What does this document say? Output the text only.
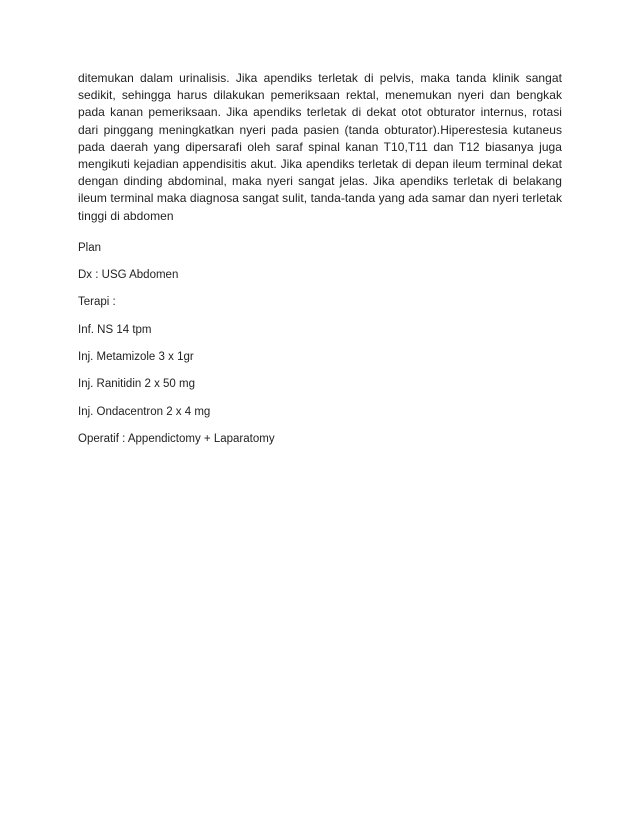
ditemukan dalam urinalisis. Jika apendiks terletak di pelvis, maka tanda klinik sangat sedikit, sehingga harus dilakukan pemeriksaan rektal, menemukan nyeri dan bengkak pada kanan pemeriksaan. Jika apendiks terletak di dekat otot obturator internus, rotasi dari pinggang meningkatkan nyeri pada pasien (tanda obturator).Hiperestesia kutaneus pada daerah yang dipersarafi oleh saraf spinal kanan T10,T11 dan T12 biasanya juga mengikuti kejadian appendisitis akut. Jika apendiks terletak di depan ileum terminal dekat dengan dinding abdominal, maka nyeri sangat jelas. Jika apendiks terletak di belakang ileum terminal maka diagnosa sangat sulit, tanda-tanda yang ada samar dan nyeri terletak tinggi di abdomen

Plan
Dx : USG Abdomen
Terapi :
Inf. NS 14 tpm
Inj. Metamizole 3 x 1gr
Inj. Ranitidin 2 x 50 mg
Inj. Ondacentron 2 x 4 mg
Operatif : Appendictomy + Laparatomy
